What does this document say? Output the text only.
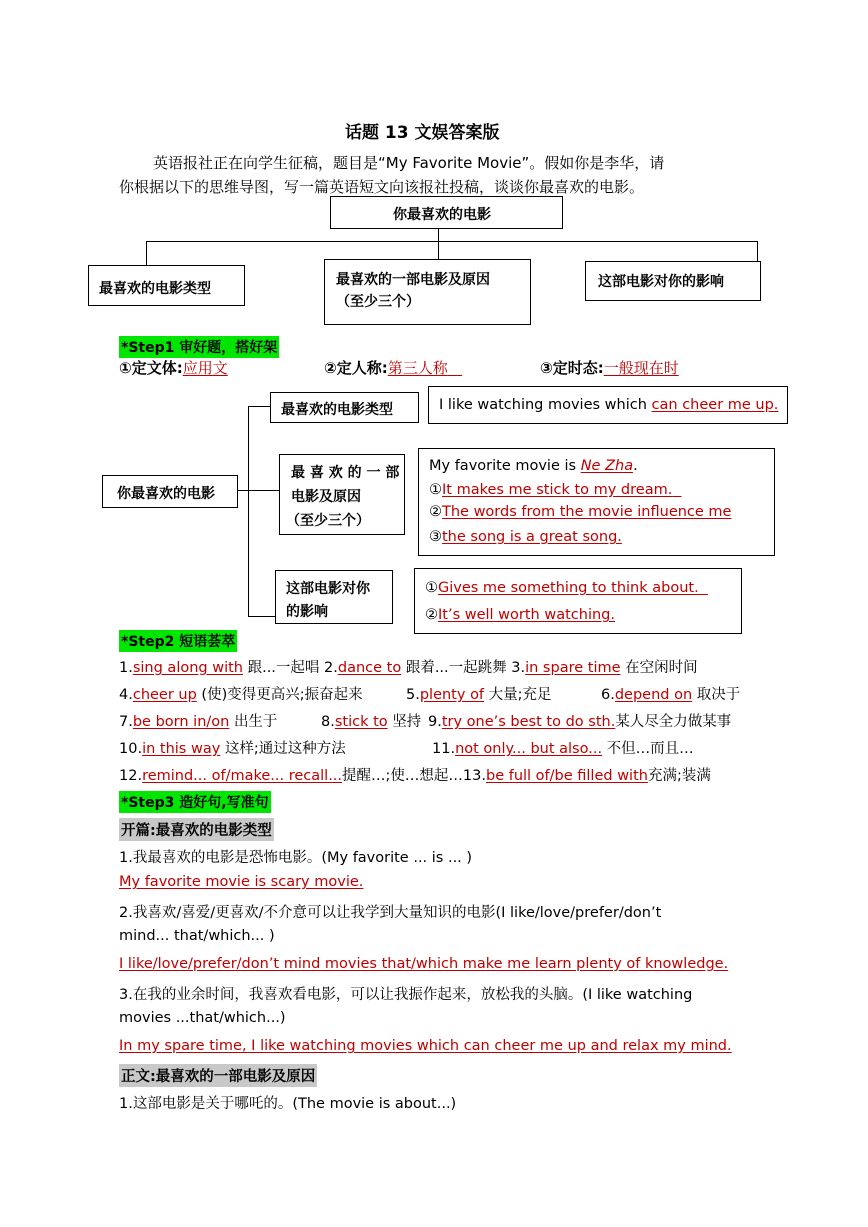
话题 13 文娱答案版
英语报社正在向学生征稿，题目是“My Favorite Movie”。假如你是李华，请
你根据以下的思维导图，写一篇英语短文向该报社投稿，谈谈你最喜欢的电影。
你最喜欢的电影
最喜欢的电影类型
最喜欢的一部电影及原因
（至少三个）
这部电影对你的影响
*Step1 审好题，搭好架
①定文体:应用文	②定人称:第三人称	③定时态:一般现在时
你最喜欢的电影
最喜欢的电影类型	I like watching movies which can cheer me up.
最 喜 欢 的 一 部
电影及原因
（至少三个）
My favorite movie is Ne Zha.
①It makes me stick to my dream.
②The words from the movie influence me
③the song is a great song.
这部电影对你
的影响
①Gives me something to think about.
②It’s well worth watching.
*Step2 短语荟萃
1.sing along with 跟...一起唱 2.dance to 跟着...一起跳舞 3.in spare time 在空闲时间
4.cheer up (使)变得更高兴;振奋起来	5.plenty of 大量;充足	6.depend on 取决于
7.be born in/on 出生于	8.stick to 坚持 9.try one’s best to do sth.某人尽全力做某事
10.in this way 这样;通过这种方法	11.not only... but also... 不但…而且…
12.remind... of/make... recall...提醒…;使…想起…13.be full of/be filled with充满;装满
*Step3 造好句,写准句
开篇:最喜欢的电影类型
1.我最喜欢的电影是恐怖电影。(My favorite ... is ... )
My favorite movie is scary movie.
2.我喜欢/喜爱/更喜欢/不介意可以让我学到大量知识的电影(I like/love/prefer/don’t
mind... that/which... )
I like/love/prefer/don’t mind movies that/which make me learn plenty of knowledge.
3.在我的业余时间，我喜欢看电影，可以让我振作起来，放松我的头脑。(I like watching
movies ...that/which...)
In my spare time, I like watching movies which can cheer me up and relax my mind.
正文:最喜欢的一部电影及原因
1.这部电影是关于哪吒的。(The movie is about...)
